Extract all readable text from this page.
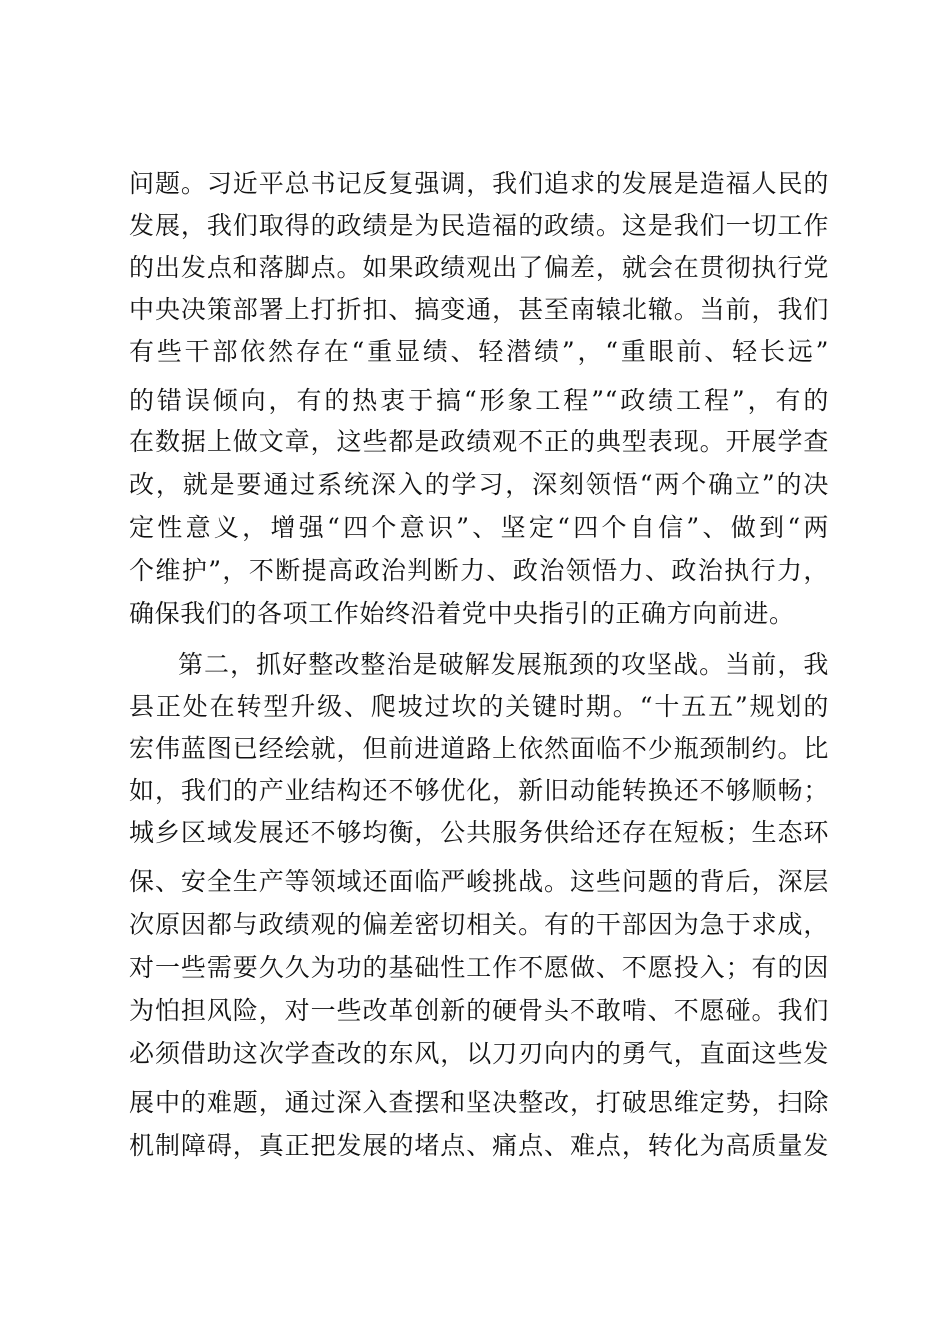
问题。习近平总书记反复强调，我们追求的发展是造福人民的
发展，我们取得的政绩是为民造福的政绩。这是我们一切工作
的出发点和落脚点。如果政绩观出了偏差，就会在贯彻执行党
中央决策部署上打折扣、搞变通，甚至南辕北辙。当前，我们
有些干部依然存在“重显绩、轻潜绩”，“重眼前、轻长远”
的错误倾向，有的热衷于搞“形象工程”“政绩工程”，有的
在数据上做文章，这些都是政绩观不正的典型表现。开展学查
改，就是要通过系统深入的学习，深刻领悟“两个确立”的决
定性意义，增强“四个意识”、坚定“四个自信”、做到“两
个维护”，不断提高政治判断力、政治领悟力、政治执行力，
确保我们的各项工作始终沿着党中央指引的正确方向前进。
第二，抓好整改整治是破解发展瓶颈的攻坚战。当前，我
县正处在转型升级、爬坡过坎的关键时期。“十五五”规划的
宏伟蓝图已经绘就，但前进道路上依然面临不少瓶颈制约。比
如，我们的产业结构还不够优化，新旧动能转换还不够顺畅；
城乡区域发展还不够均衡，公共服务供给还存在短板；生态环
保、安全生产等领域还面临严峻挑战。这些问题的背后，深层
次原因都与政绩观的偏差密切相关。有的干部因为急于求成，
对一些需要久久为功的基础性工作不愿做、不愿投入；有的因
为怕担风险，对一些改革创新的硬骨头不敢啃、不愿碰。我们
必须借助这次学查改的东风，以刀刃向内的勇气，直面这些发
展中的难题，通过深入查摆和坚决整改，打破思维定势，扫除
机制障碍，真正把发展的堵点、痛点、难点，转化为高质量发
